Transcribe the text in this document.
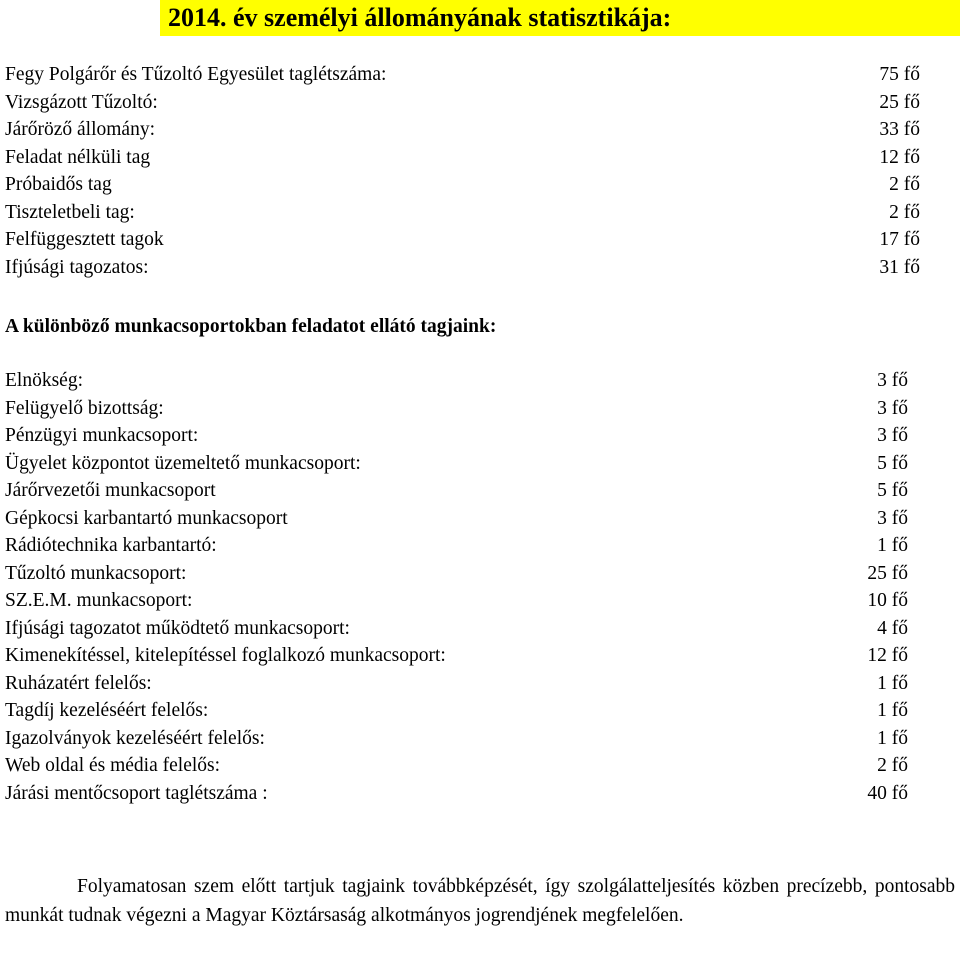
2014. év személyi állományának statisztikája:
Fegy Polgárőr és Tűzoltó Egyesület taglétszáma:	75 fő
Vizsgázott Tűzoltó:	25 fő
Járőröző állomány:	33 fő
Feladat nélküli tag	12 fő
Próbaidős tag	2 fő
Tiszteletbeli tag:	2 fő
Felfüggesztett tagok	17 fő
Ifjúsági tagozatos:	31 fő
A különböző munkacsoportokban feladatot ellátó tagjaink:
Elnökség:	3 fő
Felügyelő bizottság:	3 fő
Pénzügyi munkacsoport:	3 fő
Ügyelet központot üzemeltető munkacsoport:	5 fő
Járőrvezetői munkacsoport	5 fő
Gépkocsi karbantartó munkacsoport	3 fő
Rádiótechnika karbantartó:	1 fő
Tűzoltó munkacsoport:	25 fő
SZ.E.M. munkacsoport:	10 fő
Ifjúsági tagozatot működtető munkacsoport:	4 fő
Kimenekítéssel, kitelepítéssel foglalkozó munkacsoport:	12 fő
Ruházatért felelős:	1 fő
Tagdíj kezeléséért felelős:	1 fő
Igazolványok kezeléséért felelős:	1 fő
Web oldal és média felelős:	2 fő
Járási mentőcsoport taglétszáma :	40 fő

Folyamatosan szem előtt tartjuk tagjaink továbbképzését, így szolgálatteljesítés közben precízebb, pontosabb munkát tudnak végezni a Magyar Köztársaság alkotmányos jogrendjének megfelelően.
